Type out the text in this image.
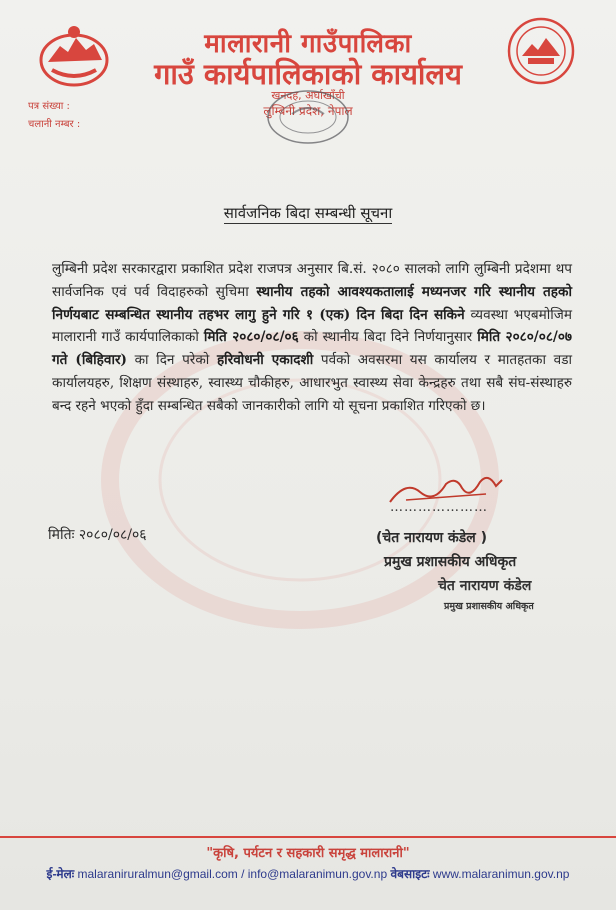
मालारानी गाउँपालिका
गाउँ कार्यपालिकाको कार्यालय
खनदह, अर्घाखाँची
लुम्बिनी प्रदेश, नेपाल
पत्र संख्या :
चलानी नम्बर :
सार्वजनिक बिदा सम्बन्धी सूचना
लुम्बिनी प्रदेश सरकारद्वारा प्रकाशित प्रदेश राजपत्र अनुसार बि.सं. २०८० सालको लागि लुम्बिनी प्रदेशमा थप सार्वजनिक एवं पर्व विदाहरुको सुचिमा स्थानीय तहको आवश्यकतालाई मध्यनजर गरि स्थानीय तहको निर्णयबाट सम्बन्धित स्थानीय तहभर लागु हुने गरि १ (एक) दिन बिदा दिन सकिने व्यवस्था भएबमोजिम मालारानी गाउँ कार्यपालिकाको मिति २०८०/०८/०६ को स्थानीय बिदा दिने निर्णयानुसार मिति २०८०/०८/०७ गते (बिहिवार) का दिन परेको हरिवोधनी एकादशी पर्वको अवसरमा यस कार्यालय र मातहतका वडा कार्यालयहरु, शिक्षण संस्थाहरु, स्वास्थ्य चौकीहरु, आधारभुत स्वास्थ्य सेवा केन्द्रहरु तथा सबै संघ-संस्थाहरु बन्द रहने भएको हुँदा सम्बन्धित सबैको जानकारीको लागि यो सूचना प्रकाशित गरिएको छ।
…………………
मितिः २०८०/०८/०६	(चेत नारायण कंडेल )
प्रमुख प्रशासकीय अधिकृत
चेत नारायण कंडेल
प्रमुख प्रशासकीय अधिकृत
"कृषि, पर्यटन र सहकारी समृद्ध मालारानी"
ई-मेलः malaraniruralmun@gmail.com / info@malaranimun.gov.np वेबसाइटः www.malaranimun.gov.np
